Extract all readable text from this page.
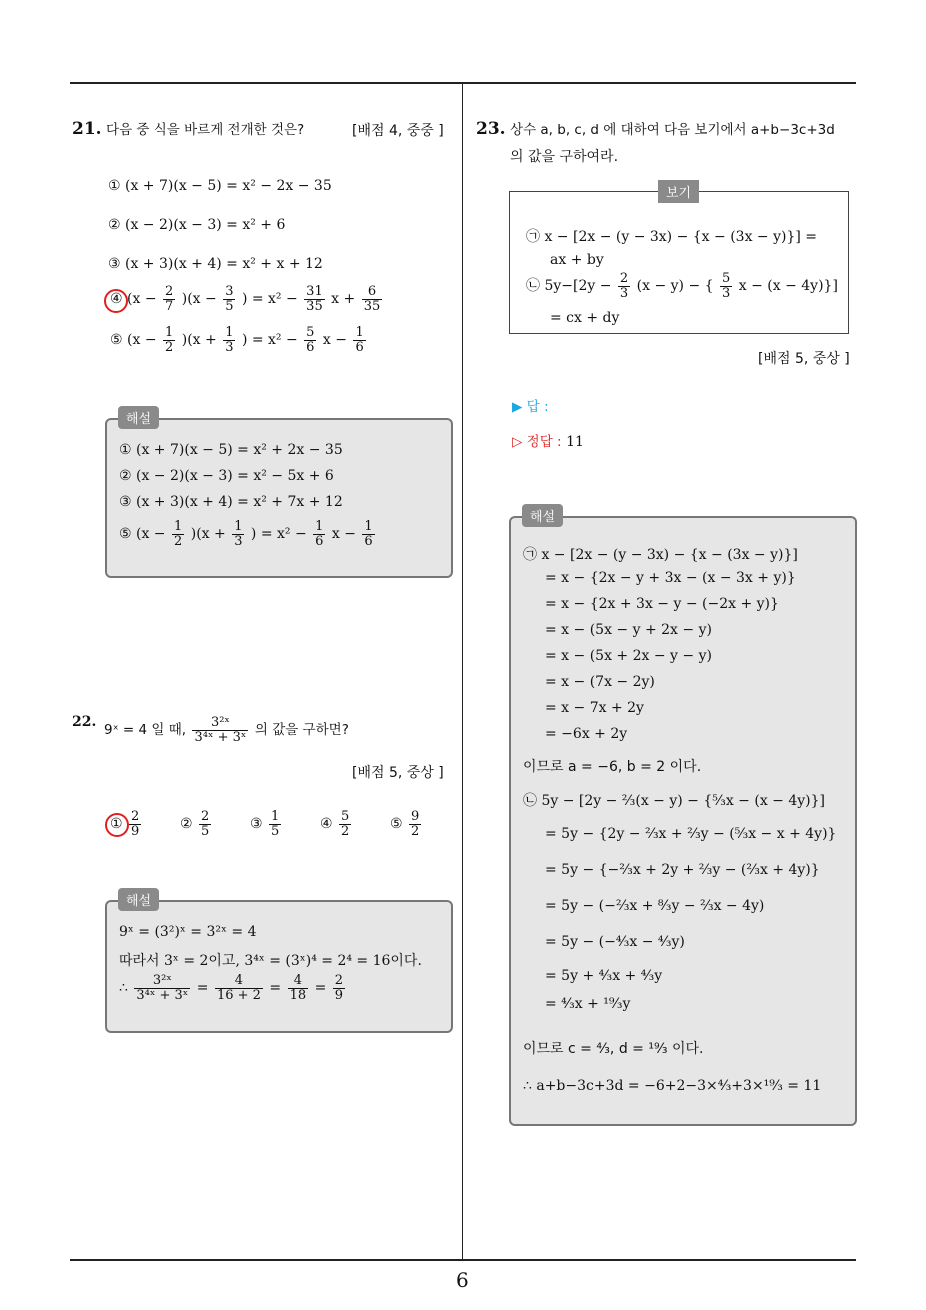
6
21. 다음 중 식을 바르게 전개한 것은?	[배점 4, 중중 ]
① (x + 7)(x − 5) = x² − 2x − 35
② (x − 2)(x − 3) = x² + 6
③ (x + 3)(x + 4) = x² + x + 12
④ $(x - \frac{2}{7} )(x - \frac{3}{5}$ ) = $x^2 - \frac{31}{35}$ $x + \frac{6}{35}$
⑤ $(x - \frac{1}{2} )(x + \frac{1}{3}$ ) = $x^2 - \frac{5}{6}$ $x - \frac{1}{6}$
① (x + 7)(x − 5) = x² + 2x − 35
② (x − 2)(x − 3) = x² − 5x + 6
③ (x + 3)(x + 4) = x² + 7x + 12
⑤ $(x - \frac{1}{2} )(x + \frac{1}{3}$ ) = $x^2 - \frac{1}{6}$ $x - \frac{1}{6}$
해설
22.
9ˣ = 4 일 때, $\frac{\text{3²ˣ}}{\text{3⁴ˣ + 3ˣ}}$ 의 값을 구하면?
[배점 5, 중상 ]
① $\frac{2}{9}$	② $\frac{2}{5}$	③ $\frac{1}{5}$	④ $\frac{5}{2}$	⑤ $\frac{9}{2}$
9ˣ = (3²)ˣ = 3²ˣ = 4
따라서 3ˣ = 2이고, 3⁴ˣ = (3ˣ)⁴ = 2⁴ = 16이다.
∴ $\frac{\text{3²ˣ}}{\text{3⁴ˣ + 3ˣ}} = \frac{4}{16 + 2} = \frac{4}{18} = \frac{2}{9}$
해설
23. 상수 a, b, c, d 에 대하여 다음 보기에서 a+b−3c+3d
의 값을 구하여라.
㉠ x − [2x − (y − 3x) − {x − (3x − y)}] =
ax + by
㉡ $5y-[2y - \frac{2}{3} (x - y)$ − { $\frac{5}{3}$ x − (x − 4y)}]
= cx + dy
보기
[배점 5, 중상 ]
▶ 답 :
▷ 정답 : 11
㉠ x − [2x − (y − 3x) − {x − (3x − y)}]
= x − {2x − y + 3x − (x − 3x + y)}
= x − {2x + 3x − y − (−2x + y)}
= x − (5x − y + 2x − y)
= x − (5x + 2x − y − y)
= x − (7x − 2y)
= x − 7x + 2y
= −6x + 2y
이므로 a = −6, b = 2 이다.
㉡ 5y − [2y − ⅔(x − y) − {⁵⁄₃x − (x − 4y)}]
= 5y − {2y − ⅔x + ⅔y − (⁵⁄₃x − x + 4y)}
= 5y − {−⅔x + 2y + ⅔y − (⅔x + 4y)}
= 5y − (−⅔x + ⁸⁄₃y − ⅔x − 4y)
= 5y − (−⁴⁄₃x − ⁴⁄₃y)
= 5y + ⁴⁄₃x + ⁴⁄₃y
= ⁴⁄₃x + ¹⁹⁄₃y
이므로 c = ⁴⁄₃, d = ¹⁹⁄₃ 이다.
∴ a+b−3c+3d = −6+2−3×⁴⁄₃+3×¹⁹⁄₃ = 11
해설
